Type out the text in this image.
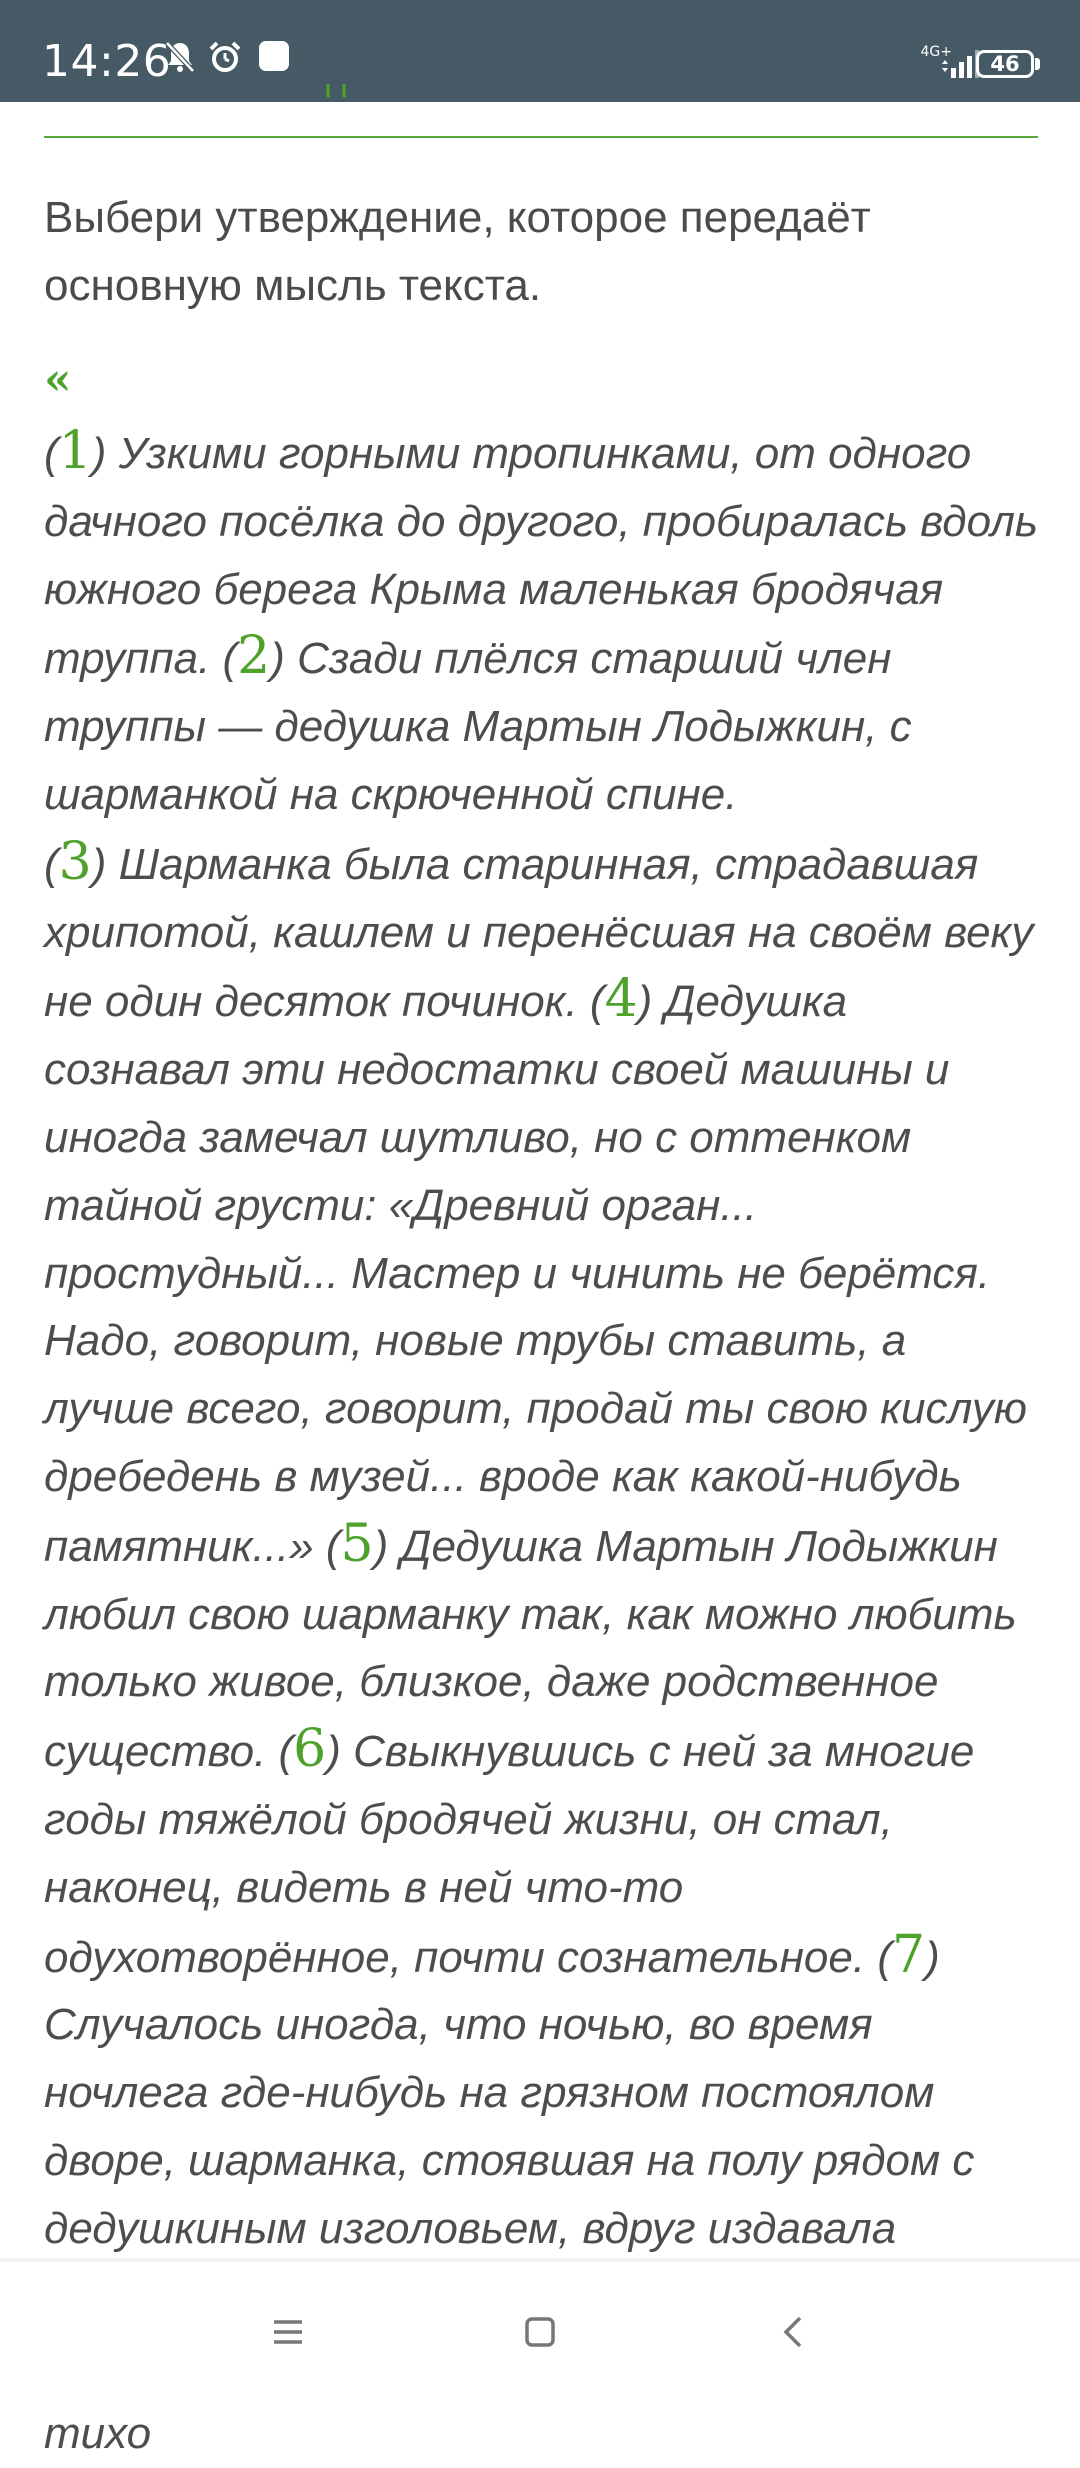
14:26	4G+	46
Выбери утверждение, которое передаёт основную мысль текста.
«
(1) Узкими горными тропинками, от одного дачного посёлка до другого, пробиралась вдоль южного берега Крыма маленькая бродячая труппа. (2) Сзади плёлся старший член труппы — дедушка Мартын Лодыжкин, с шарманкой на скрюченной спине.
(3) Шарманка была старинная, страдавшая хрипотой, кашлем и перенёсшая на своём веку не один десяток починок. (4) Дедушка сознавал эти недостатки своей машины и иногда замечал шутливо, но с оттенком тайной грусти: «Древний орган... простудный... Мастер и чинить не берётся. Надо, говорит, новые трубы ставить, а лучше всего, говорит, продай ты свою кислую дребедень в музей... вроде как какой-нибудь памятник...» (5) Дедушка Мартын Лодыжкин любил свою шарманку так, как можно любить только живое, близкое, даже родственное существо. (6) Свыкнувшись с ней за многие годы тяжёлой бродячей жизни, он стал, наконец, видеть в ней что-то одухотворённое, почти сознательное. (7) Случалось иногда, что ночью, во время ночлега где-нибудь на грязном постоялом дворе, шарманка, стоявшая на полу рядом с дедушкиным изголовьем, вдруг издавала тихо
